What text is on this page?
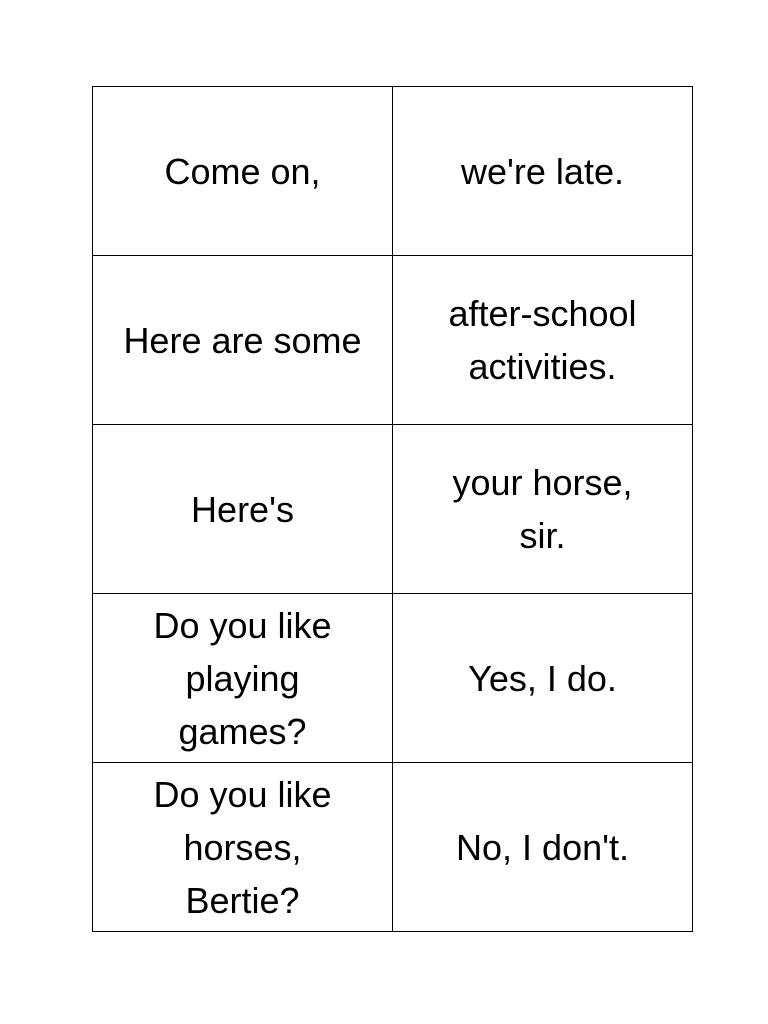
Come on,	we're late.

Here are some	after-school
activities.

Here's	your horse,
sir.

Do you like
playing
games?	Yes, I do.

Do you like
horses,
Bertie?	No, I don't.
